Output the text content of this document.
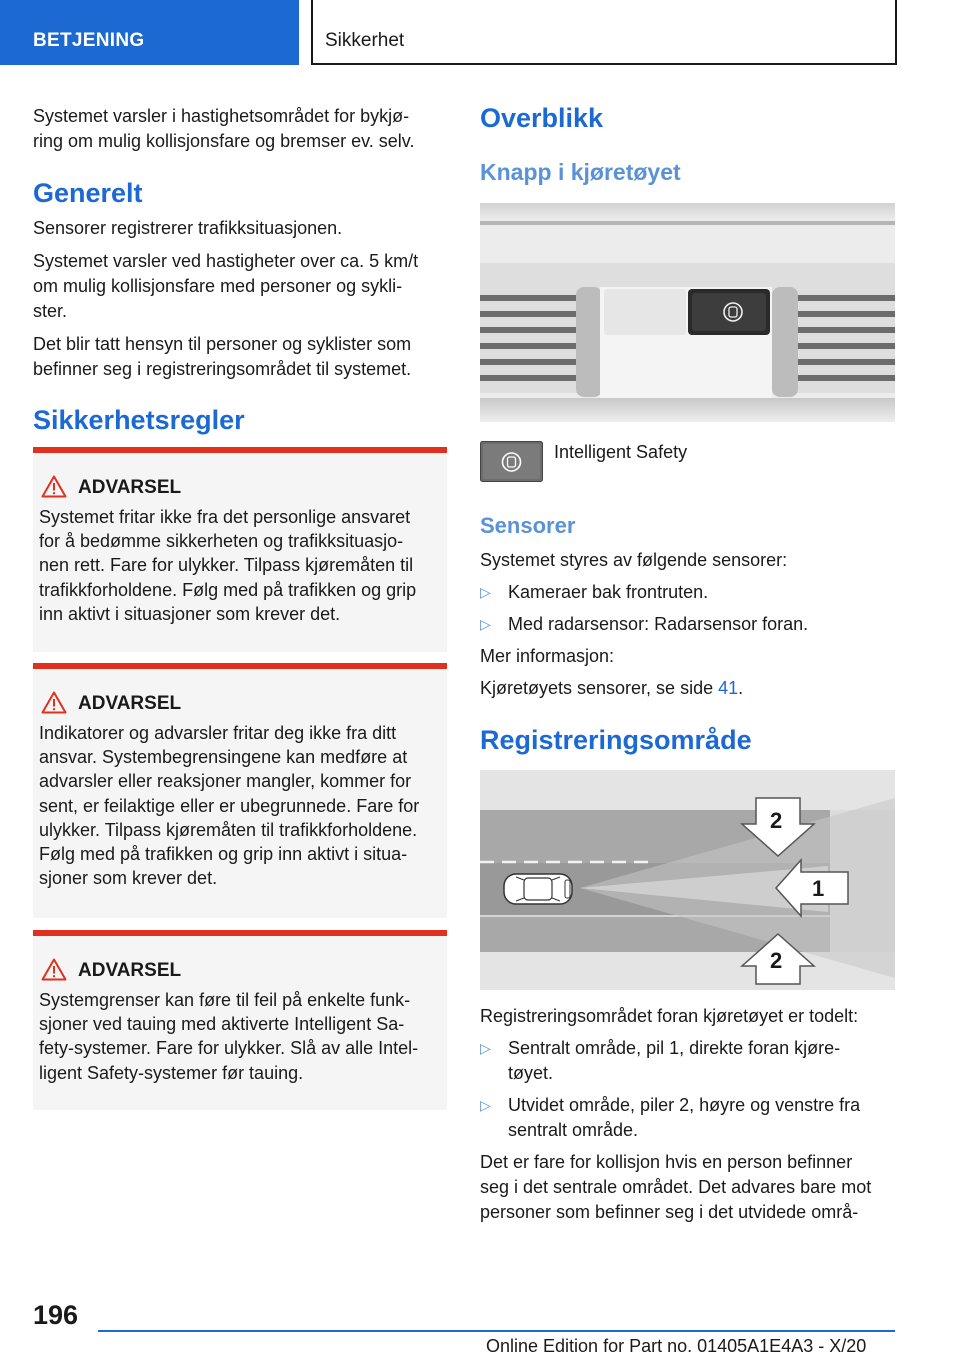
BETJENING	Sikkerhet

Systemet varsler i hastighetsområdet for bykjø-

ring om mulig kollisjonsfare og bremser ev. selv.

Generelt

Sensorer registrerer trafikksituasjonen.

Systemet varsler ved hastigheter over ca. 5 km/t

om mulig kollisjonsfare med personer og sykli-

ster.

Det blir tatt hensyn til personer og syklister som

befinner seg i registreringsområdet til systemet.

Sikkerhetsregler
ADVARSEL
Systemet fritar ikke fra det personlige ansvaret
for å bedømme sikkerheten og trafikksituasjo-
nen rett. Fare for ulykker. Tilpass kjøremåten til
trafikkforholdene. Følg med på trafikken og grip
inn aktivt i situasjoner som krever det.
ADVARSEL
Indikatorer og advarsler fritar deg ikke fra ditt
ansvar. Systembegrensingene kan medføre at
advarsler eller reaksjoner mangler, kommer for
sent, er feilaktige eller er ubegrunnede. Fare for
ulykker. Tilpass kjøremåten til trafikkforholdene.
Følg med på trafikken og grip inn aktivt i situa-
sjoner som krever det.
ADVARSEL
Systemgrenser kan føre til feil på enkelte funk-
sjoner ved tauing med aktiverte Intelligent Sa-
fety-systemer. Fare for ulykker. Slå av alle Intel-
ligent Safety-systemer før tauing.
Overblikk
Knapp i kjøretøyet

Intelligent Safety

Sensorer

Systemet styres av følgende sensorer:

▷ Kameraer bak frontruten.
▷ Med radarsensor: Radarsensor foran.

Mer informasjon:

Kjøretøyets sensorer, se side 41.

Registreringsområde
2
1
2

Registreringsområdet foran kjøretøyet er todelt:

▷ Sentralt område, pil 1, direkte foran kjøre-
tøyet.
▷ Utvidet område, piler 2, høyre og venstre fra
sentralt område.

Det er fare for kollisjon hvis en person befinner

seg i det sentrale området. Det advares bare mot

personer som befinner seg i det utvidede områ-

196
Online Edition for Part no. 01405A1E4A3 - X/20
